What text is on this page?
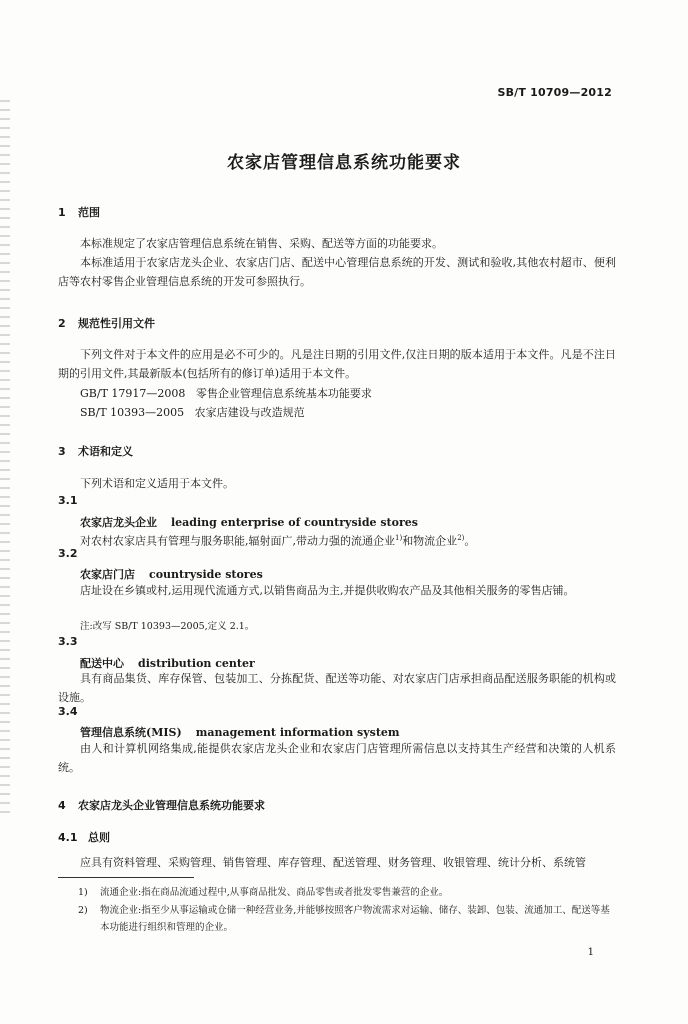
SB/T 10709—2012
农家店管理信息系统功能要求
1 范围
本标准规定了农家店管理信息系统在销售、采购、配送等方面的功能要求。
本标准适用于农家店龙头企业、农家店门店、配送中心管理信息系统的开发、测试和验收,其他农村超市、便利店等农村零售企业管理信息系统的开发可参照执行。
2 规范性引用文件
下列文件对于本文件的应用是必不可少的。凡是注日期的引用文件,仅注日期的版本适用于本文件。凡是不注日期的引用文件,其最新版本(包括所有的修订单)适用于本文件。
GB/T 17917—2008 零售企业管理信息系统基本功能要求
SB/T 10393—2005 农家店建设与改造规范
3 术语和定义
下列术语和定义适用于本文件。
3.1
农家店龙头企业 leading enterprise of countryside stores
对农村农家店具有管理与服务职能,辐射面广,带动力强的流通企业$^{1)}$和物流企业$^{2)}$。
3.2
农家店门店 countryside stores
店址设在乡镇或村,运用现代流通方式,以销售商品为主,并提供收购农产品及其他相关服务的零售店铺。
注:改写 SB/T 10393—2005,定义 2.1。
3.3
配送中心 distribution center
具有商品集货、库存保管、包装加工、分拣配货、配送等功能、对农家店门店承担商品配送服务职能的机构或设施。
3.4
管理信息系统(MIS) management information system
由人和计算机网络集成,能提供农家店龙头企业和农家店门店管理所需信息以支持其生产经营和决策的人机系统。
4 农家店龙头企业管理信息系统功能要求
4.1 总则
应具有资料管理、采购管理、销售管理、库存管理、配送管理、财务管理、收银管理、统计分析、系统管
1) 流通企业:指在商品流通过程中,从事商品批发、商品零售或者批发零售兼营的企业。
2) 物流企业:指至少从事运输或仓储一种经营业务,并能够按照客户物流需求对运输、储存、装卸、包装、流通加工、配送等基本功能进行组织和管理的企业。
1
